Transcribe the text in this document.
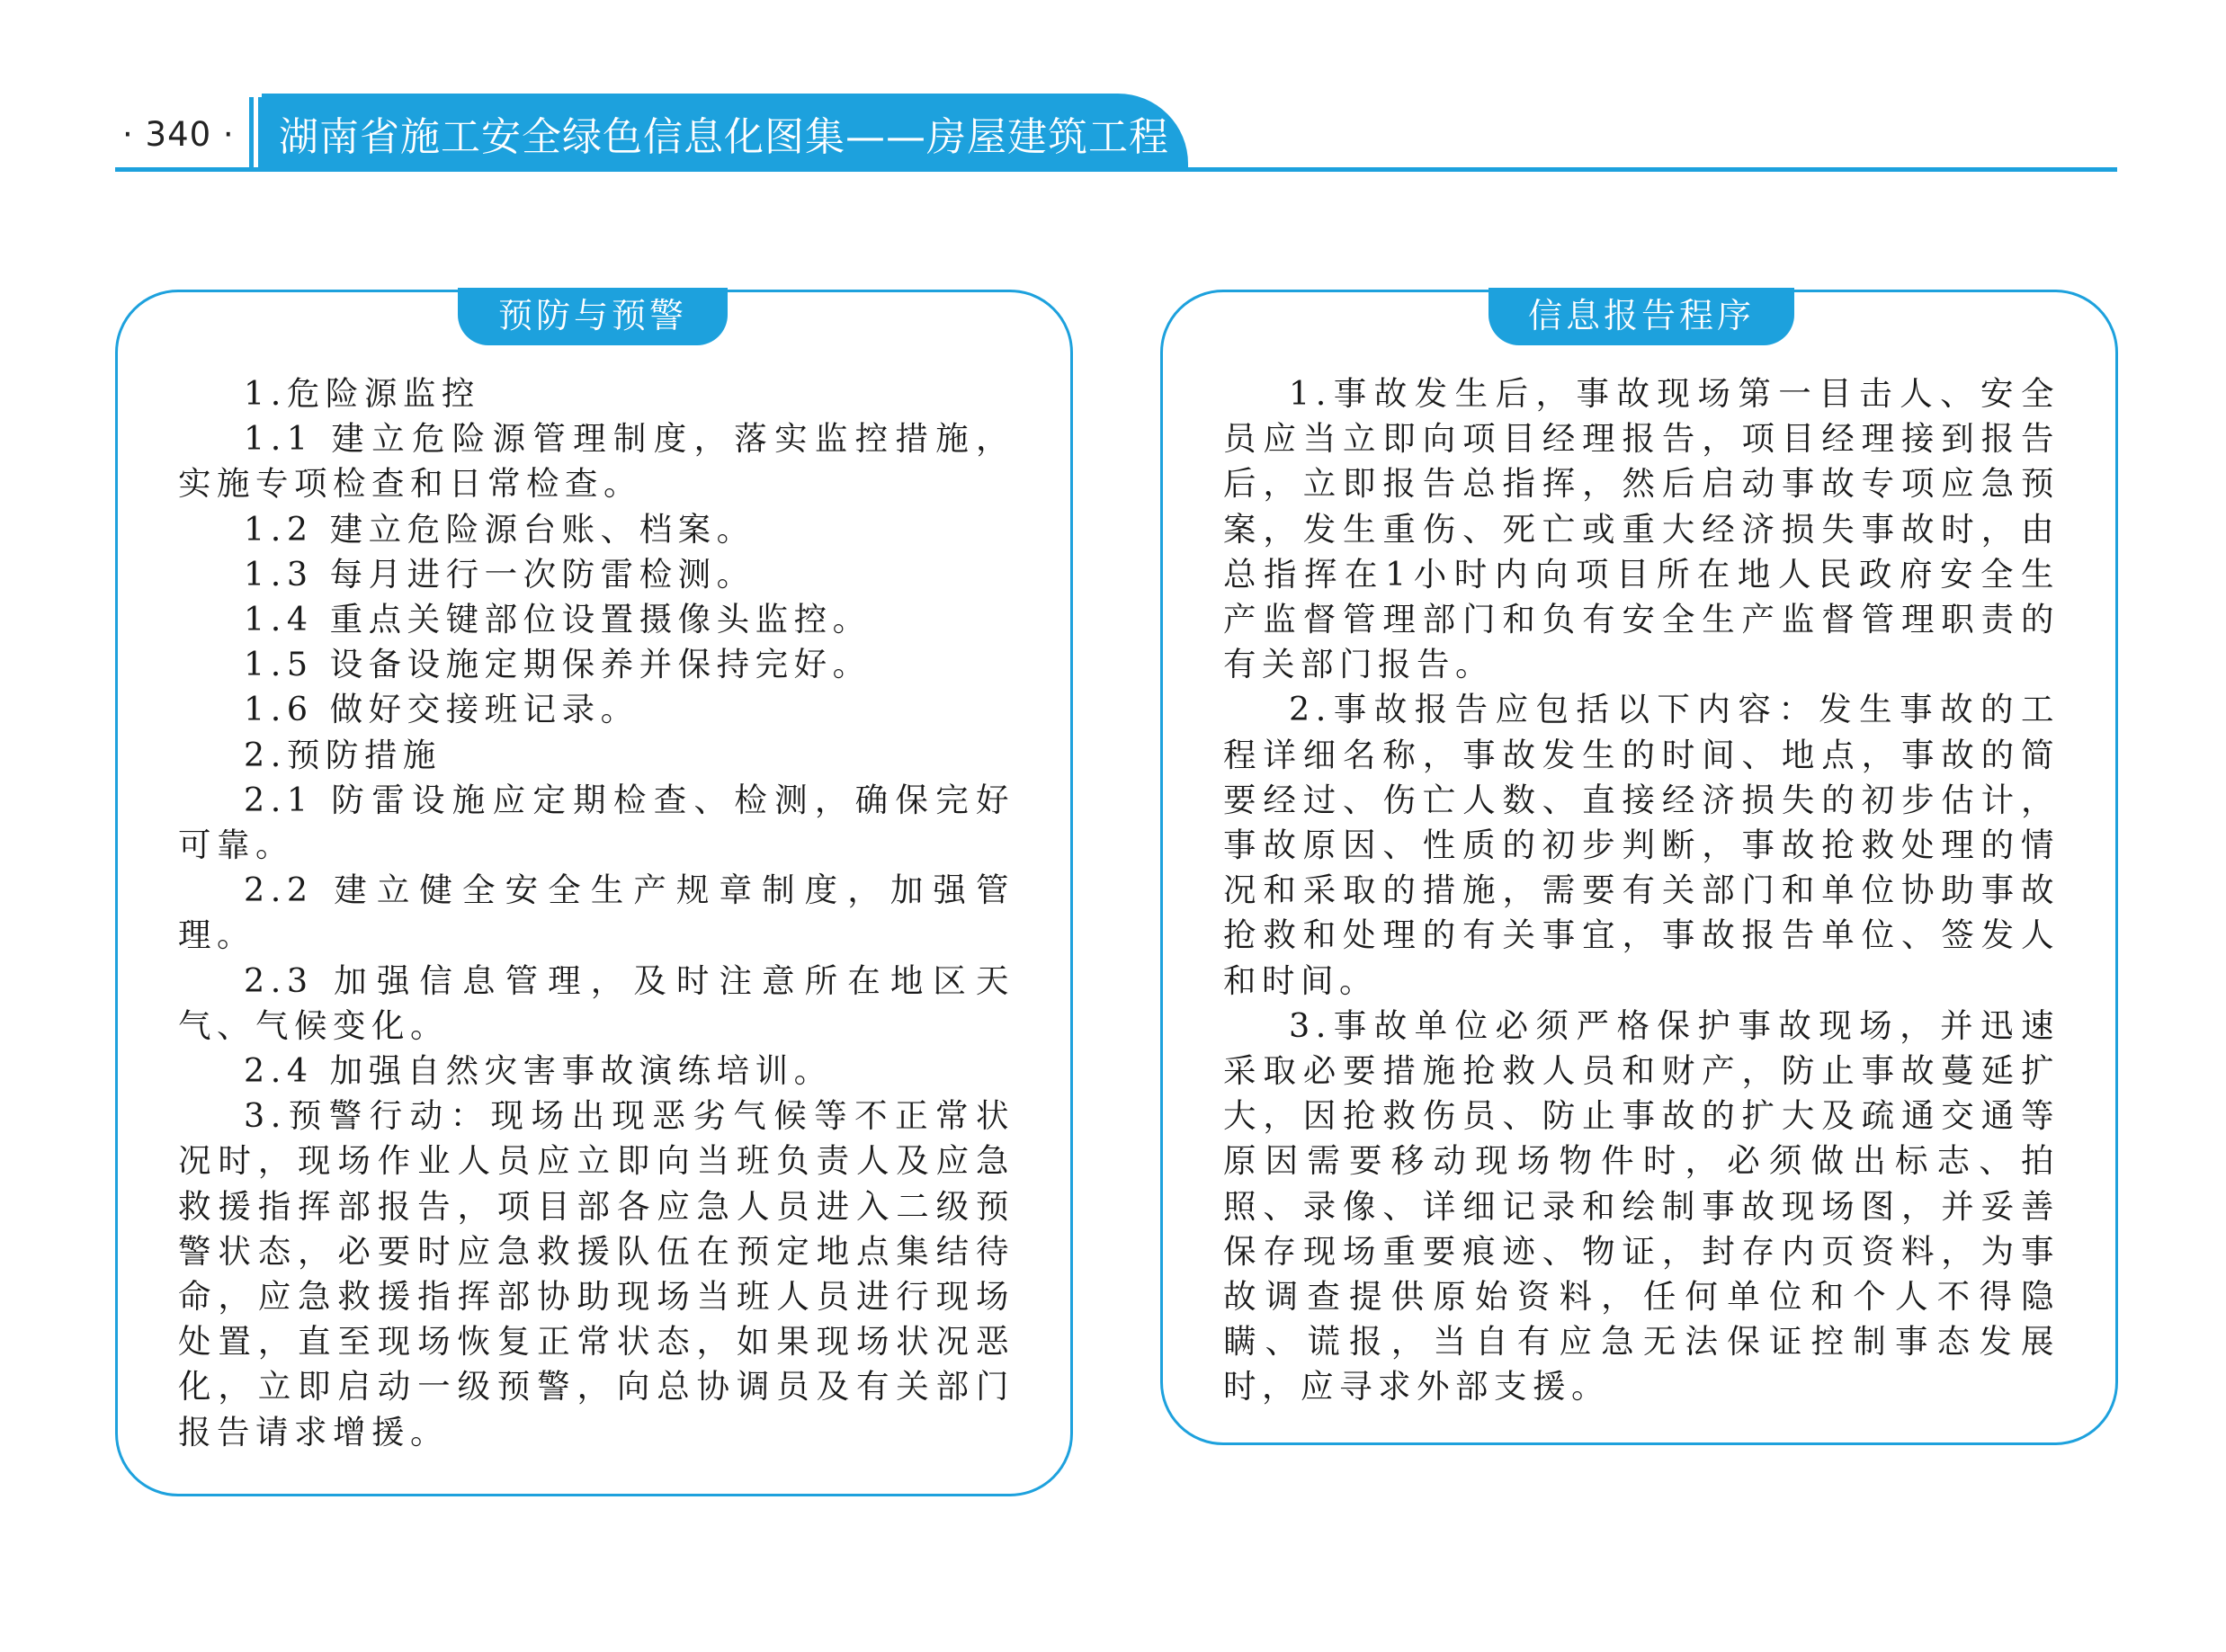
· 340 · 湖南省施工安全绿色信息化图集——房屋建筑工程
预防与预警

1.危险源监控

1.1 建立危险源管理制度，落实监控措施，实施专项检查和日常检查。

1.2 建立危险源台账、档案。

1.3 每月进行一次防雷检测。

1.4 重点关键部位设置摄像头监控。

1.5 设备设施定期保养并保持完好。

1.6 做好交接班记录。

2.预防措施

2.1 防雷设施应定期检查、检测，确保完好可靠。

2.2 建立健全安全生产规章制度，加强管理。

2.3 加强信息管理，及时注意所在地区天气、气候变化。

2.4 加强自然灾害事故演练培训。

3.预警行动：现场出现恶劣气候等不正常状况时，现场作业人员应立即向当班负责人及应急救援指挥部报告，项目部各应急人员进入二级预警状态，必要时应急救援队伍在预定地点集结待命，应急救援指挥部协助现场当班人员进行现场处置，直至现场恢复正常状态，如果现场状况恶化，立即启动一级预警，向总协调员及有关部门报告请求增援。

信息报告程序

1.事故发生后，事故现场第一目击人、安全员应当立即向项目经理报告，项目经理接到报告后，立即报告总指挥，然后启动事故专项应急预案，发生重伤、死亡或重大经济损失事故时，由总指挥在1小时内向项目所在地人民政府安全生产监督管理部门和负有安全生产监督管理职责的有关部门报告。

2.事故报告应包括以下内容：发生事故的工程详细名称，事故发生的时间、地点，事故的简要经过、伤亡人数、直接经济损失的初步估计，事故原因、性质的初步判断，事故抢救处理的情况和采取的措施，需要有关部门和单位协助事故抢救和处理的有关事宜，事故报告单位、签发人和时间。

3.事故单位必须严格保护事故现场，并迅速采取必要措施抢救人员和财产，防止事故蔓延扩大，因抢救伤员、防止事故的扩大及疏通交通等原因需要移动现场物件时，必须做出标志、拍照、录像、详细记录和绘制事故现场图，并妥善保存现场重要痕迹、物证，封存内页资料，为事故调查提供原始资料，任何单位和个人不得隐瞒、谎报，当自有应急无法保证控制事态发展时，应寻求外部支援。
